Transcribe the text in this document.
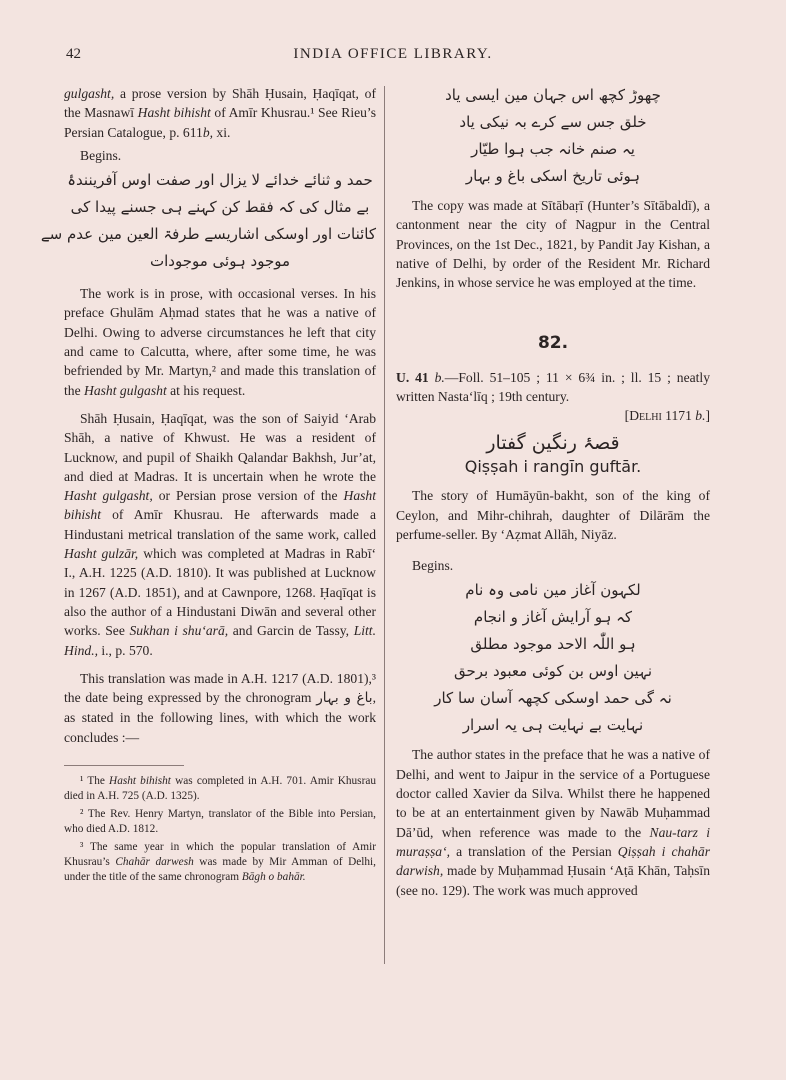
42	INDIA OFFICE LIBRARY.

gulgasht, a prose version by Shāh Ḥusain, Ḥaqīqat, of the Masnawī Hasht bihisht of Amīr Khusrau.¹ See Rieu’s Persian Catalogue, p. 611b, xi.

Begins.

حمد و ثنائے خدائے لا یزال اور صفت اوس آفرینندۂ
بے مثال کی کہ فقط کن کہنے ہی جسنے پیدا کی
کائنات اور اوسکی اشاریسے طرفۃ العین مین عدم سے
موجود ہوئی موجودات

The work is in prose, with occasional verses. In his preface Ghulām Aḥmad states that he was a native of Delhi. Owing to adverse circumstances he left that city and came to Calcutta, where, after some time, he was befriended by Mr. Martyn,² and made this translation of the Hasht gulgasht at his request.

Shāh Ḥusain, Ḥaqīqat, was the son of Saiyid ‘Arab Shāh, a native of Khwust. He was a resident of Lucknow, and pupil of Shaikh Qalandar Bakhsh, Jur’at, and died at Madras. It is uncertain when he wrote the Hasht gulgasht, or Persian prose version of the Hasht bihisht of Amīr Khusrau. He afterwards made a Hindustani metrical translation of the same work, called Hasht gulzār, which was completed at Madras in Rabī‘ I., A.H. 1225 (A.D. 1810). It was published at Lucknow in 1267 (A.D. 1851), and at Cawnpore, 1268. Ḥaqīqat is also the author of a Hindustani Diwān and several other works. See Sukhan i shu‘arā, and Garcin de Tassy, Litt. Hind., i., p. 570.

This translation was made in A.H. 1217 (A.D. 1801),³ the date being expressed by the chronogram باغ و بہار, as stated in the following lines, with which the work concludes :—

¹ The Hasht bihisht was completed in A.H. 701. Amir Khusrau died in A.H. 725 (A.D. 1325).

² The Rev. Henry Martyn, translator of the Bible into Persian, who died A.D. 1812.

³ The same year in which the popular translation of Amir Khusrau’s Chahār darwesh was made by Mir Amman of Delhi, under the title of the same chronogram Bāgh o bahār.

چھوڑ کچھ اس جہان مین ایسی یاد
خلق جس سے کرے بہ نیکی یاد
یہ صنم خانہ جب ہوا طیّار
ہوئی تاریخ اسکی باغ و بہار

The copy was made at Sītābaṛī (Hunter’s Sītābaldī), a cantonment near the city of Nagpur in the Central Provinces, on the 1st Dec., 1821, by Pandit Jay Kishan, a native of Delhi, by order of the Resident Mr. Richard Jenkins, in whose service he was employed at the time.

82.

U. 41 b.—Foll. 51–105 ; 11 × 6¾ in. ; ll. 15 ; neatly written Nasta‘līq ; 19th century.

[Delhi 1171 b.]

قصۂ رنگین گفتار
Qiṣṣah i rangīn guftār.

The story of Humāyūn-bakht, son of the king of Ceylon, and Mihr-chihrah, daughter of Dilārām the perfume-seller. By ‘Aẓmat Allāh, Niyāz.

Begins.

لکہون آغاز مین نامی وہ نام
کہ ہو آرایش آغاز و انجام
ہو اللّٰہ الاحد موجود مطلق
نہین اوس بن کوئی معبود برحق
نہ گی حمد اوسکی کچھہ آسان سا کار
نہایت بے نہایت ہی یہ اسرار

The author states in the preface that he was a native of Delhi, and went to Jaipur in the service of a Portuguese doctor called Xavier da Silva. Whilst there he happened to be at an entertainment given by Nawāb Muḥammad Dā’ūd, when reference was made to the Nau-tarz i muraṣṣa‘, a translation of the Persian Qiṣṣah i chahār darwish, made by Muḥammad Ḥusain ‘Aṭā Khān, Taḥsīn (see no. 129). The work was much approved
